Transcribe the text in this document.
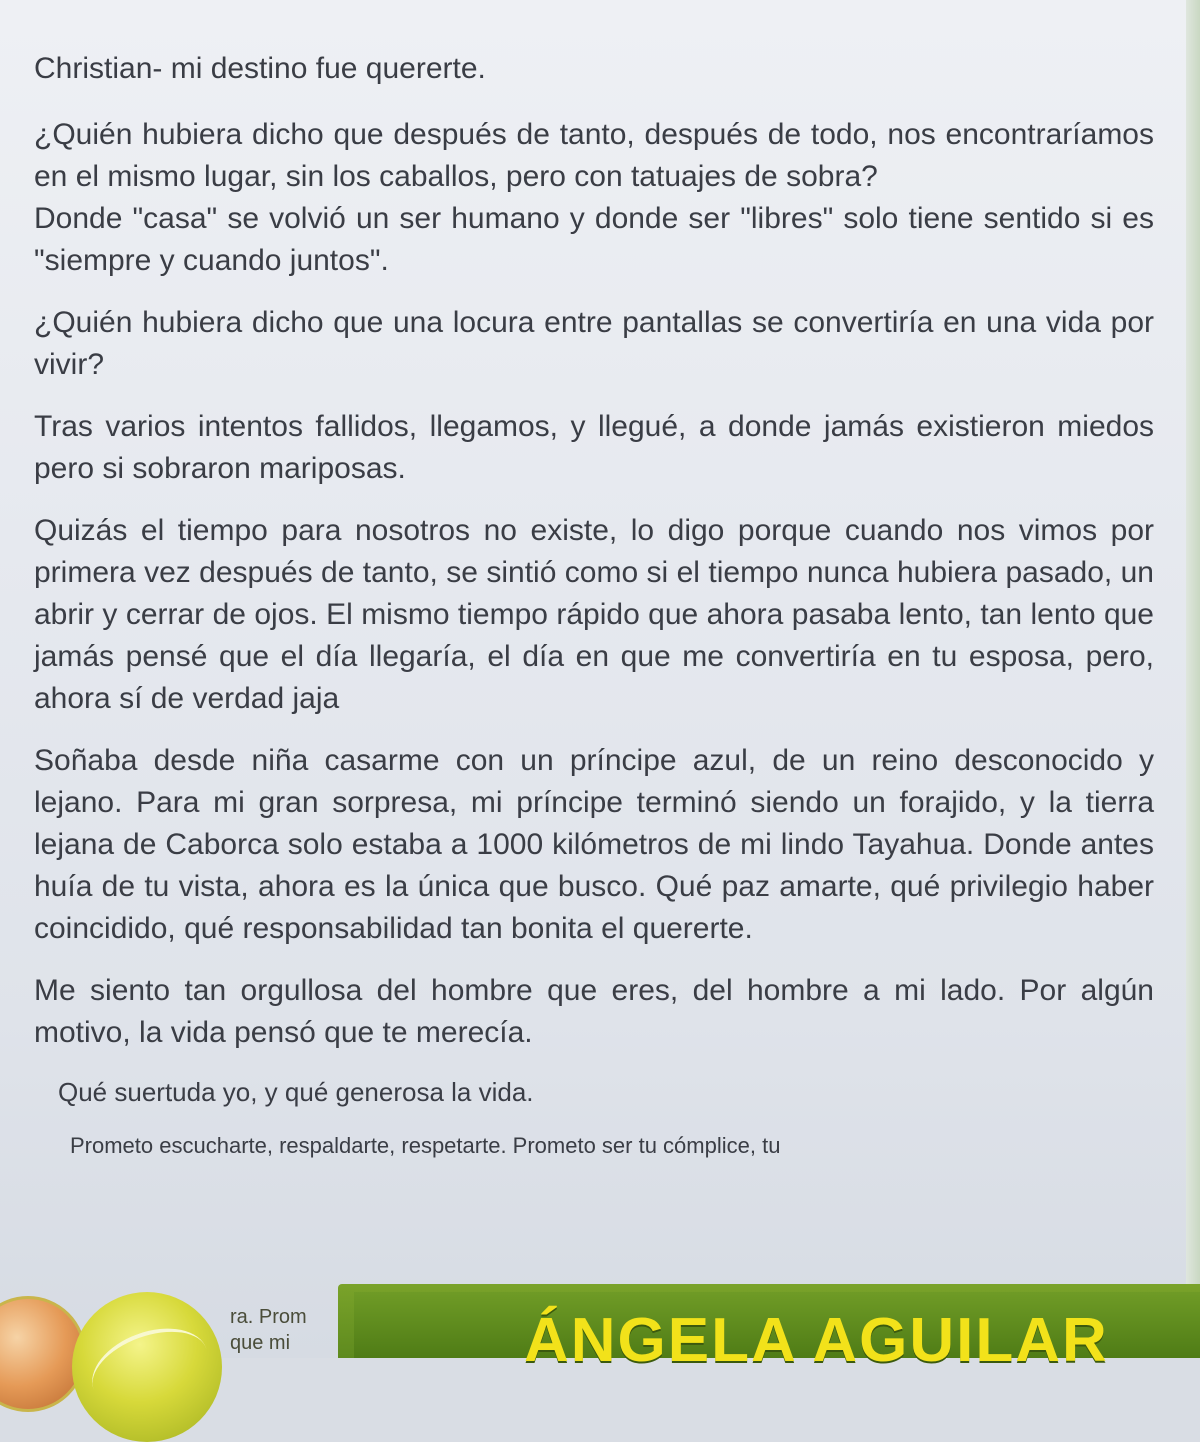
Christian- mi destino fue quererte.

¿Quién hubiera dicho que después de tanto, después de todo, nos encontraríamos en el mismo lugar, sin los caballos, pero con tatuajes de sobra?

Donde "casa" se volvió un ser humano y donde ser "libres" solo tiene sentido si es "siempre y cuando juntos".

¿Quién hubiera dicho que una locura entre pantallas se convertiría en una vida por vivir?

Tras varios intentos fallidos, llegamos, y llegué, a donde jamás existieron miedos pero si sobraron mariposas.

Quizás el tiempo para nosotros no existe, lo digo porque cuando nos vimos por primera vez después de tanto, se sintió como si el tiempo nunca hubiera pasado, un abrir y cerrar de ojos. El mismo tiempo rápido que ahora pasaba lento, tan lento que jamás pensé que el día llegaría, el día en que me convertiría en tu esposa, pero, ahora sí de verdad jaja

Soñaba desde niña casarme con un príncipe azul, de un reino desconocido y lejano. Para mi gran sorpresa, mi príncipe terminó siendo un forajido, y la tierra lejana de Caborca solo estaba a 1000 kilómetros de mi lindo Tayahua. Donde antes huía de tu vista, ahora es la única que busco. Qué paz amarte, qué privilegio haber coincidido, qué responsabilidad tan bonita el quererte.

Me siento tan orgullosa del hombre que eres, del hombre a mi lado. Por algún motivo, la vida pensó que te merecía.

Qué suertuda yo, y qué generosa la vida.

Prometo escucharte, respaldarte, respetarte. Prometo ser tu cómplice, tu

ra. Prom
que mi	ÁNGELA AGUILAR
